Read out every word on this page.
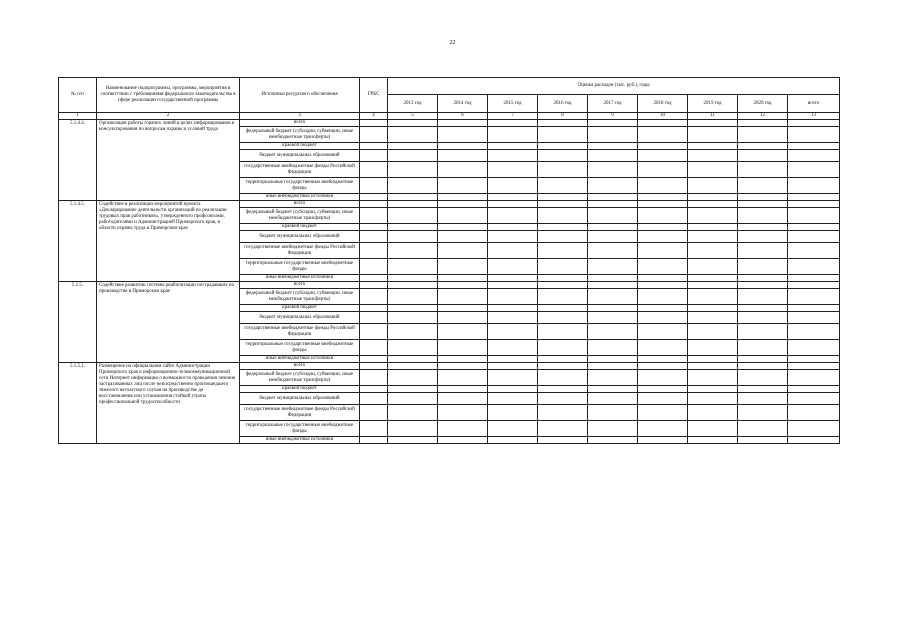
22
№ п/п	Наименование подпрограммы, программы, мероприятия в соответствии с требованиями федерального законодательства в сфере реализации государственной программы	Источники ресурсного обеспечения	ГРБС	Оценка расходов (тыс. руб.), годы								
				2013 год	2014 год	2015 год	2016 год	2017 год	2018 год	2019 год	2020 год	всего
1	2	3	4	5	6	7	8	9	10	11	12	13
5.1.4.4.	Организация работы горячих линий в целях информирования и консультирования по вопросам охраны и условий труда	всего										
		федеральный бюджет (субсидии, субвенции, иные межбюджетные трансферты)										
		краевой бюджет										
		бюджет муниципальных образований										
		государственные внебюджетные фонды Российской Федерации										
		территориальные государственные внебюджетные фонды										
		иные внебюджетные источники										
5.1.4.5.	Содействие в реализации мероприятий проекта «Декларирование деятельности организаций по реализации трудовых прав работников», утвержденного профсоюзами, работодателями и Администрацией Приморского края, в области охраны труда в Приморском крае	всего										
		федеральный бюджет (субсидии, субвенции, иные межбюджетные трансферты)										
		краевой бюджет										
		бюджет муниципальных образований										
		государственные внебюджетные фонды Российской Федерации										
		территориальные государственные внебюджетные фонды										
		иные внебюджетные источники										
5.1.5.	Содействие развитию системы реабилитации пострадавших на производстве в Приморском крае	всего										
		федеральный бюджет (субсидии, субвенции, иные межбюджетные трансферты)										
		краевой бюджет										
		бюджет муниципальных образований										
		государственные внебюджетные фонды Российской Федерации										
		территориальные государственные внебюджетные фонды										
		иные внебюджетные источники										
5.1.5.1.	Размещение на официальном сайте Администрации Приморского края в информационно-телекоммуникационной сети Интернет информации о возможности проведения лечения застрахованных лиц после непосредственно произошедшего тяжелого несчастного случая на производстве до восстановления или установления стойкой утраты профессиональной трудоспособности	всего										
		федеральный бюджет (субсидии, субвенции, иные межбюджетные трансферты)										
		краевой бюджет										
		бюджет муниципальных образований										
		государственные внебюджетные фонды Российской Федерации										
		территориальные государственные внебюджетные фонды										
		иные внебюджетные источники										
